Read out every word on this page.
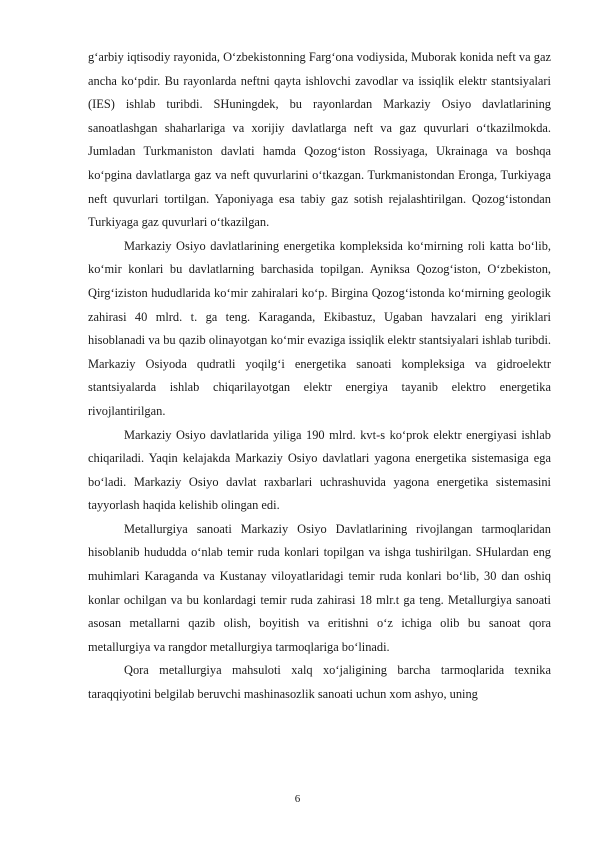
g‘arbiy iqtisodiy rayonida, O‘zbekistonning Farg‘ona vodiysida, Muborak konida neft va gaz ancha ko‘pdir. Bu rayonlarda neftni qayta ishlovchi zavodlar va issiqlik elektr stantsiyalari (IES) ishlab turibdi. SHuningdek, bu rayonlardan Markaziy Osiyo davlatlarining sanoatlashgan shaharlariga va xorijiy davlatlarga neft va gaz quvurlari o‘tkazilmokda. Jumladan Turkmaniston davlati hamda Qozog‘iston Rossiyaga, Ukrainaga va boshqa ko‘pgina davlatlarga gaz va neft quvurlarini o‘tkazgan. Turkmanistondan Eronga, Turkiyaga neft quvurlari tortilgan. Yaponiyaga esa tabiy gaz sotish rejalashtirilgan. Qozog‘istondan Turkiyaga gaz quvurlari o‘tkazilgan.

Markaziy Osiyo davlatlarining energetika kompleksida ko‘mirning roli katta bo‘lib, ko‘mir konlari bu davlatlarning barchasida topilgan. Ayniksa Qozog‘iston, O‘zbekiston, Qirg‘iziston hududlarida ko‘mir zahiralari ko‘p. Birgina Qozog‘istonda ko‘mirning geologik zahirasi 40 mlrd. t. ga teng. Karaganda, Ekibastuz, Ugaban havzalari eng yiriklari hisoblanadi va bu qazib olinayotgan ko‘mir evaziga issiqlik elektr stantsiyalari ishlab turibdi. Markaziy Osiyoda qudratli yoqilg‘i energetika sanoati kompleksiga va gidroelektr stantsiyalarda ishlab chiqarilayotgan elektr energiya tayanib elektro energetika rivojlantirilgan.

Markaziy Osiyo davlatlarida yiliga 190 mlrd. kvt-s ko‘prok elektr energiyasi ishlab chiqariladi. Yaqin kelajakda Markaziy Osiyo davlatlari yagona energetika sistemasiga ega bo‘ladi. Markaziy Osiyo davlat raxbarlari uchrashuvida yagona energetika sistemasini tayyorlash haqida kelishib olingan edi.

Metallurgiya sanoati Markaziy Osiyo Davlatlarining rivojlangan tarmoqlaridan hisoblanib hududda o‘nlab temir ruda konlari topilgan va ishga tushirilgan. SHulardan eng muhimlari Karaganda va Kustanay viloyatlaridagi temir ruda konlari bo‘lib, 30 dan oshiq konlar ochilgan va bu konlardagi temir ruda zahirasi 18 mlr.t ga teng. Metallurgiya sanoati asosan metallarni qazib olish, boyitish va eritishni o‘z ichiga olib bu sanoat qora metallurgiya va rangdor metallurgiya tarmoqlariga bo‘linadi.

Qora metallurgiya mahsuloti xalq xo‘jaligining barcha tarmoqlarida texnika taraqqiyotini belgilab beruvchi mashinasozlik sanoati uchun xom ashyo, uning

6
